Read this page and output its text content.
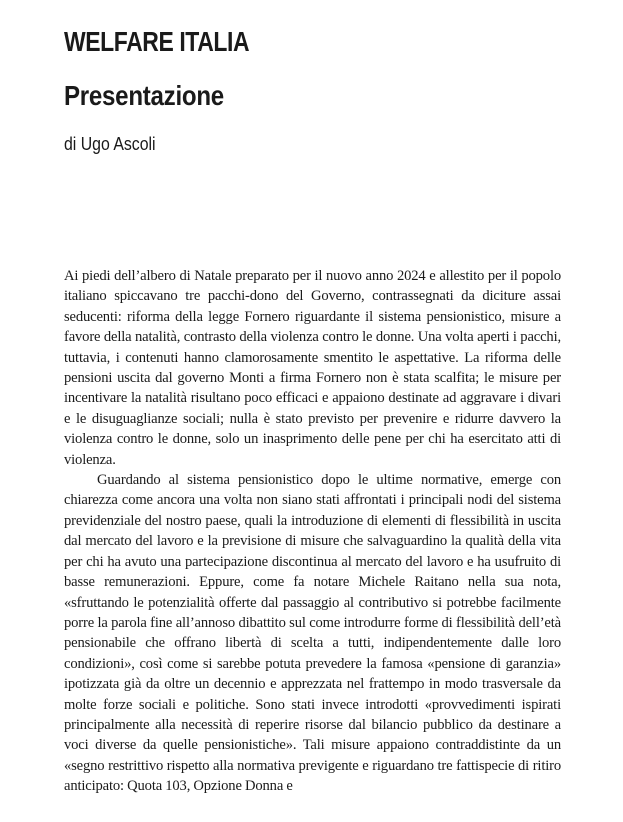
WELFARE ITALIA
Presentazione
di Ugo Ascoli

Ai piedi dell’albero di Natale preparato per il nuovo anno 2024 e allestito per il popolo italiano spiccavano tre pacchi-dono del Governo, contrassegnati da diciture assai seducenti: riforma della legge Fornero riguardante il sistema pensionistico, misure a favore della natalità, contrasto della violenza contro le donne. Una volta aperti i pacchi, tuttavia, i contenuti hanno clamorosamente smentito le aspettative. La riforma delle pensioni uscita dal governo Monti a firma Fornero non è stata scalfita; le misure per incentivare la natalità risultano poco efficaci e appaiono destinate ad aggravare i divari e le disuguaglianze sociali; nulla è stato previsto per prevenire e ridurre davvero la violenza contro le donne, solo un inasprimento delle pene per chi ha esercitato atti di violenza.

Guardando al sistema pensionistico dopo le ultime normative, emerge con chiarezza come ancora una volta non siano stati affrontati i principali nodi del sistema previdenziale del nostro paese, quali la introduzione di elementi di flessibilità in uscita dal mercato del lavoro e la previsione di misure che salvaguardino la qualità della vita per chi ha avuto una partecipazione discontinua al mercato del lavoro e ha usufruito di basse remunerazioni. Eppure, come fa notare Michele Raitano nella sua nota, «sfruttando le potenzialità offerte dal passaggio al contributivo si potrebbe facilmente porre la parola fine all’annoso dibattito sul come introdurre forme di flessibilità dell’età pensionabile che offrano libertà di scelta a tutti, indipendentemente dalle loro condizioni», così come si sarebbe potuta prevedere la famosa «pensione di garanzia» ipotizzata già da oltre un decennio e apprezzata nel frattempo in modo trasversale da molte forze sociali e politiche. Sono stati invece introdotti «provvedimenti ispirati principalmente alla necessità di reperire risorse dal bilancio pubblico da destinare a voci diverse da quelle pensionistiche». Tali misure appaiono contraddistinte da un «segno restrittivo rispetto alla normativa previgente e riguardano tre fattispecie di ritiro anticipato: Quota 103, Opzione Donna e
